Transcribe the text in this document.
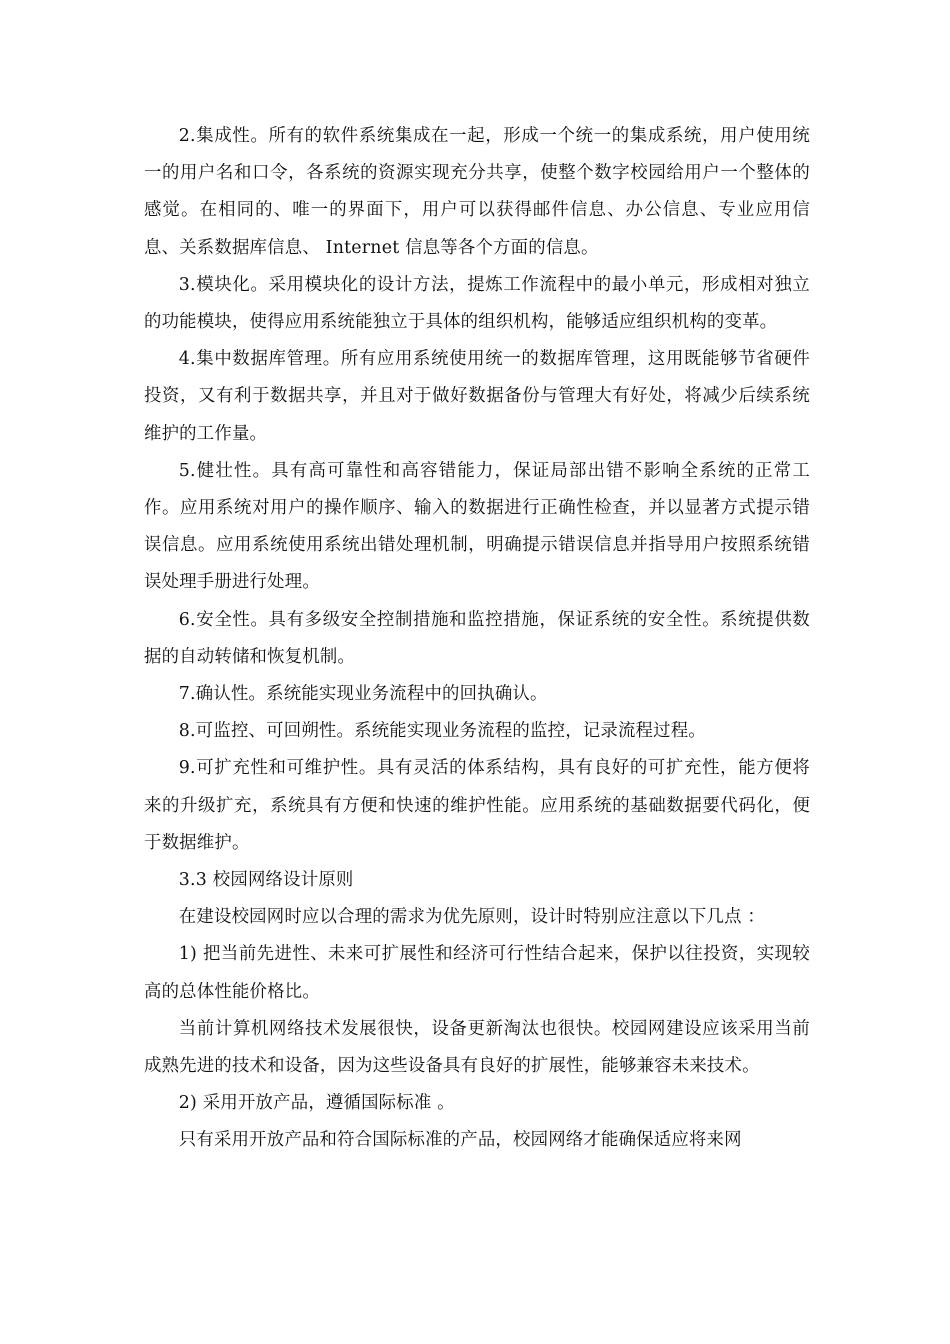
2.集成性。所有的软件系统集成在一起，形成一个统一的集成系统，用户使用统一的用户名和口令，各系统的资源实现充分共享，使整个数字校园给用户一个整体的感觉。在相同的、唯一的界面下，用户可以获得邮件信息、办公信息、专业应用信息、关系数据库信息、 Internet 信息等各个方面的信息。

3.模块化。采用模块化的设计方法，提炼工作流程中的最小单元，形成相对独立的功能模块，使得应用系统能独立于具体的组织机构，能够适应组织机构的变革。

4.集中数据库管理。所有应用系统使用统一的数据库管理，这用既能够节省硬件投资，又有利于数据共享，并且对于做好数据备份与管理大有好处，将减少后续系统维护的工作量。

5.健壮性。具有高可靠性和高容错能力，保证局部出错不影响全系统的正常工作。应用系统对用户的操作顺序、输入的数据进行正确性检查，并以显著方式提示错误信息。应用系统使用系统出错处理机制，明确提示错误信息并指导用户按照系统错误处理手册进行处理。

6.安全性。具有多级安全控制措施和监控措施，保证系统的安全性。系统提供数据的自动转储和恢复机制。

7.确认性。系统能实现业务流程中的回执确认。

8.可监控、可回朔性。系统能实现业务流程的监控，记录流程过程。

9.可扩充性和可维护性。具有灵活的体系结构，具有良好的可扩充性，能方便将来的升级扩充，系统具有方便和快速的维护性能。应用系统的基础数据要代码化，便于数据维护。

3.3 校园网络设计原则

在建设校园网时应以合理的需求为优先原则，设计时特别应注意以下几点 ：

1) 把当前先进性、未来可扩展性和经济可行性结合起来，保护以往投资，实现较高的总体性能价格比。

当前计算机网络技术发展很快，设备更新淘汰也很快。校园网建设应该采用当前成熟先进的技术和设备，因为这些设备具有良好的扩展性，能够兼容未来技术。

2) 采用开放产品，遵循国际标准 。

只有采用开放产品和符合国际标准的产品，校园网络才能确保适应将来网
